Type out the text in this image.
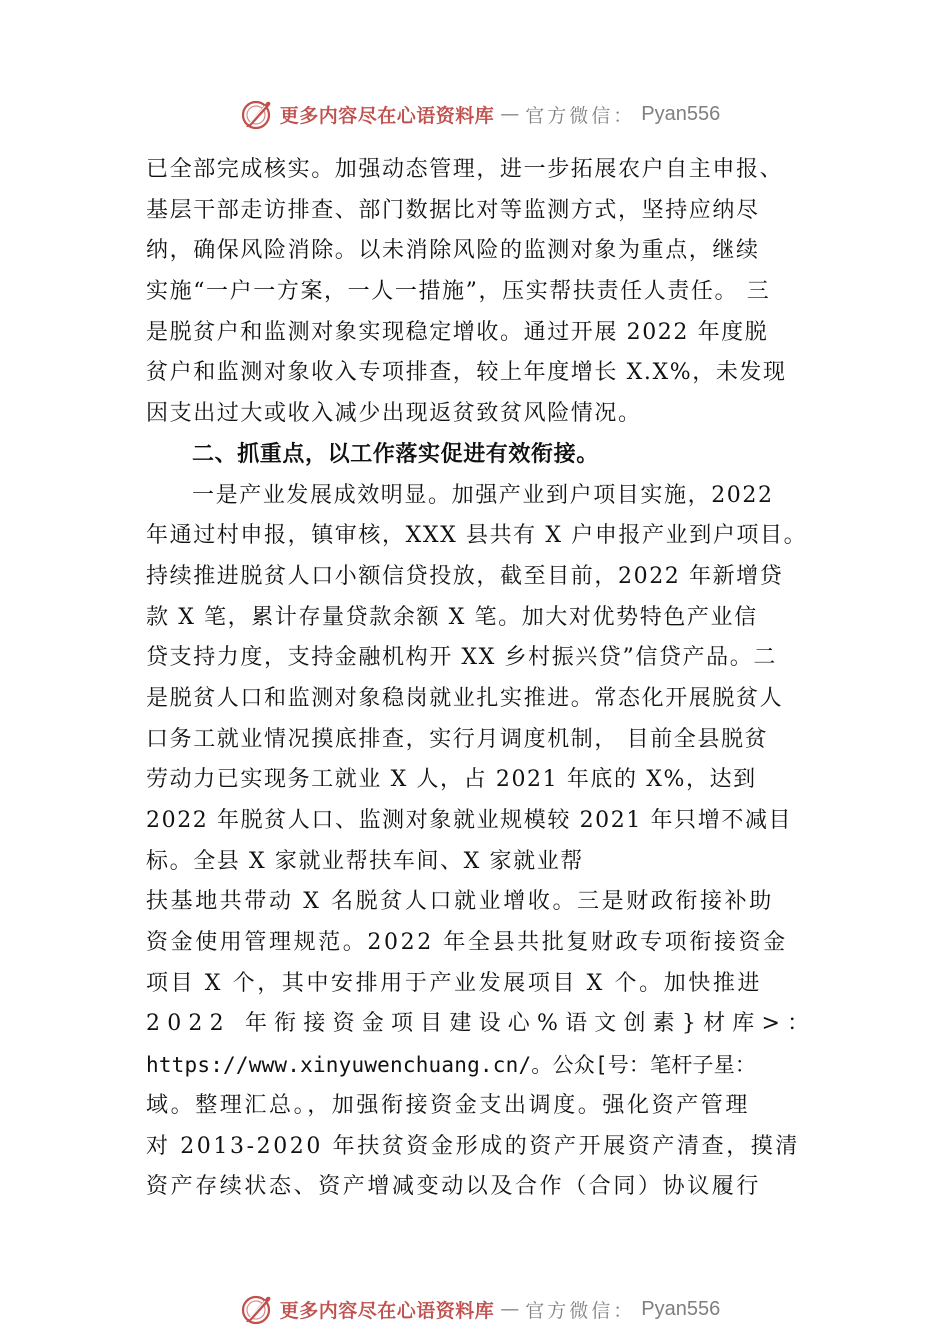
更多内容尽在心语资料库 — 官方微信： Pyan556
已全部完成核实。加强动态管理，进一步拓展农户自主申报、
基层干部走访排查、部门数据比对等监测方式，坚持应纳尽
纳，确保风险消除。以未消除风险的监测对象为重点，继续
实施“一户一方案，一人一措施”，压实帮扶责任人责任。 三
是脱贫户和监测对象实现稳定增收。通过开展 2022 年度脱
贫户和监测对象收入专项排查，较上年度增长 X.X%，未发现
因支出过大或收入减少出现返贫致贫风险情况。
二、抓重点，以工作落实促进有效衔接。
一是产业发展成效明显。加强产业到户项目实施，2022
年通过村申报，镇审核，XXX 县共有 X 户申报产业到户项目。
持续推进脱贫人口小额信贷投放，截至目前，2022 年新增贷
款 X 笔，累计存量贷款余额 X 笔。加大对优势特色产业信
贷支持力度，支持金融机构开 XX 乡村振兴贷”信贷产品。二
是脱贫人口和监测对象稳岗就业扎实推进。常态化开展脱贫人
口务工就业情况摸底排查，实行月调度机制， 目前全县脱贫
劳动力已实现务工就业 X 人，占 2021 年底的 X%，达到
2022 年脱贫人口、监测对象就业规模较 2021 年只增不减目
标。全县 X 家就业帮扶车间、X 家就业帮
扶基地共带动 X 名脱贫人口就业增收。三是财政衔接补助
资金使用管理规范。2022 年全县共批复财政专项衔接资金
项目 X 个，其中安排用于产业发展项目 X 个。加快推进
2022 年衔接资金项目建设心%语文创素}材库>：
https://www.xinyuwenchuang.cn/。公众[号：笔杆子星：
域。整理汇总。，加强衔接资金支出调度。强化资产管理
对 2013-2020 年扶贫资金形成的资产开展资产清查，摸清
资产存续状态、资产增减变动以及合作（合同）协议履行
更多内容尽在心语资料库 — 官方微信： Pyan556
